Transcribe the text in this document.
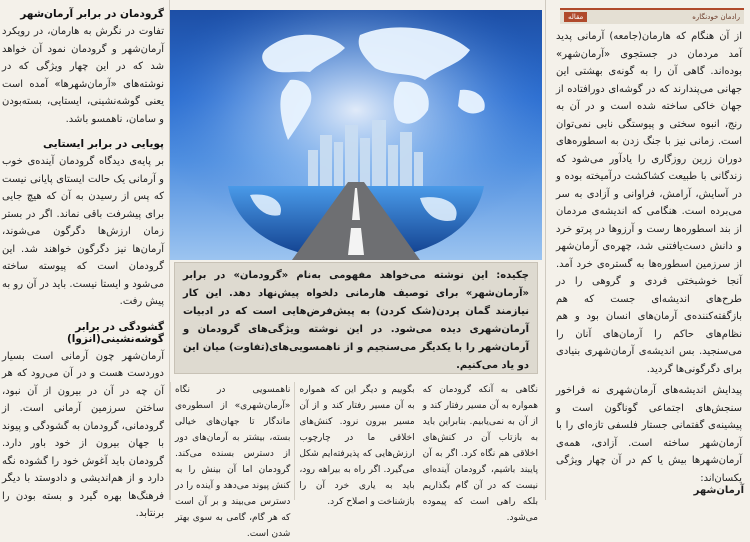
گرودمان در برابر آرمان‌شهر
تفاوت در نگرش به هارمان، در رویکرد آرمان‌شهر و گرودمان نمود آن خواهد شد که در این چهار ویژگی که در نوشته‌های «آرمان‌شهرها» آمده است یعنی گوشه‌نشینی، ایستایی، بسته‌بودن و سامان، ناهمسو باشد.
پویایی در برابر ایستایی
بر پایه‌ی دیدگاه گرودمان آینده‌ی خوب و آرمانی یک حالت ایستای پایانی نیست که پس از رسیدن به آن که هیچ جایی برای پیشرفت باقی نماند. اگر در بستر زمان ارزش‌ها دگرگون می‌شوند، آرمان‌ها نیز دگرگون خواهند شد. این گرودمان است که پیوسته ساخته می‌شود و ایستا نیست. باید در آن رو به پیش رفت.
گشودگی در برابر گوشه‌نشینی(انزوا)
آرمان‌شهر چون آرمانی است بسیار دوردست هست و در آن می‌رود که هر آن چه در آن در بیرون از آن نبود، ساختن سرزمین آرمانی است. از گرودمانی، گرودمان به گشودگی و پیوند با جهان بیرون از خود باور دارد. گرودمان باید آغوش خود را گشوده نگه دارد و از هم‌اندیشی و دادوستد با دیگر فرهنگ‌ها بهره گیرد و بسته بودن را برنتابد.
چکیده: این نوشته می‌خواهد مفهومی به‌نام «گرودمان» در برابر «آرمان‌شهر» برای توصیف هارمانی دلخواه پیش‌نهاد دهد. این کار نیازمند گمان پردن(شک کردن) به پیش‌فرض‌هایی است که در ادبیات آرمان‌شهری دیده می‌شود. در این نوشته ویژگی‌های گرودمان و آرمان‌شهر را با یکدیگر می‌سنجیم و از ناهمسویی‌های(تفاوت) میان این دو یاد می‌کنیم.
نگاهی به آنکه گرودمان که همواره به آن مسیر رفتار کند و از آن به نمی‌یابیم. بنابراین باید به بازتاب آن در کنش‌های اخلاقی هم نگاه کرد. اگر به آن پایبند باشیم، گرودمان آینده‌ای نیست که در آن گام بگذاریم بلکه راهی است که پیموده می‌شود.
بگوییم و دیگر این که همواره به آن مسیر رفتار کند و از آن مسیر بیرون نرود. کنش‌های اخلاقی ما در چارچوب ارزش‌هایی که پذیرفته‌ایم شکل می‌گیرد. اگر راه به بیراهه رود، باید به یاری خرد آن را بازشناخت و اصلاح کرد.
ناهمسویی در نگاه «آرمان‌شهری» از اسطوره‌ی ماندگار تا جهان‌های خیالی بسته، بیشتر به آرمان‌های دور از دسترس بسنده می‌کند. گرودمان اما آن بینش را به کنش پیوند می‌دهد و آینده را در دسترس می‌بیند و بر آن است که هر گام، گامی به سوی بهتر شدن است.
رادمان خودنگاره
مقاله
از آن هنگام که هارمان(جامعه) آرمانی پدید آمد مردمان در جستجوی «آرمان‌شهر» بوده‌اند. گاهی آن را به گونه‌ی بهشتی این جهانی می‌پندارند که در گوشه‌ای دورافتاده از جهان خاکی ساخته شده است و در آن به رنج، انبوه سختی و پیوستگی نابی نمی‌توان است. زمانی نیز با جنگ زدن به اسطوره‌های دوران زرین روزگاری را یادآور می‌شود که زندگانی با طبیعت کشاکشت درآمیخته بوده و در آسایش، آرامش، فراوانی و آزادی به سر می‌برده است. هنگامی که اندیشه‌ی مردمان از بند اسطوره‌ها رست و آرزوها در پرتو خرد و دانش دست‌یافتنی شد، چهره‌ی آرمان‌شهر از سرزمین اسطوره‌ها به گستره‌ی خرد آمد. آنجا خوشبختی فردی و گروهی را در طرح‌های اندیشه‌ای جست که هم بازگفته‌کننده‌ی آرمان‌های انسان بود و هم نظام‌های حاکم را آرمان‌های آنان را می‌سنجید. بس اندیشه‌ی آرمان‌شهری بنیادی برای دگرگونی‌ها گردید.
پیدایش اندیشه‌های آرمان‌شهری نه فراخور سنجش‌های اجتماعی گوناگون است و پیشینه‌ی گفتمانی جستار فلسفی تازه‌ای را با آرمان‌شهر ساخته است. آزادی، همه‌ی آرمان‌شهرها بیش یا کم در آن چهار ویژگی یکسان‌اند:
آرمان‌شهر
